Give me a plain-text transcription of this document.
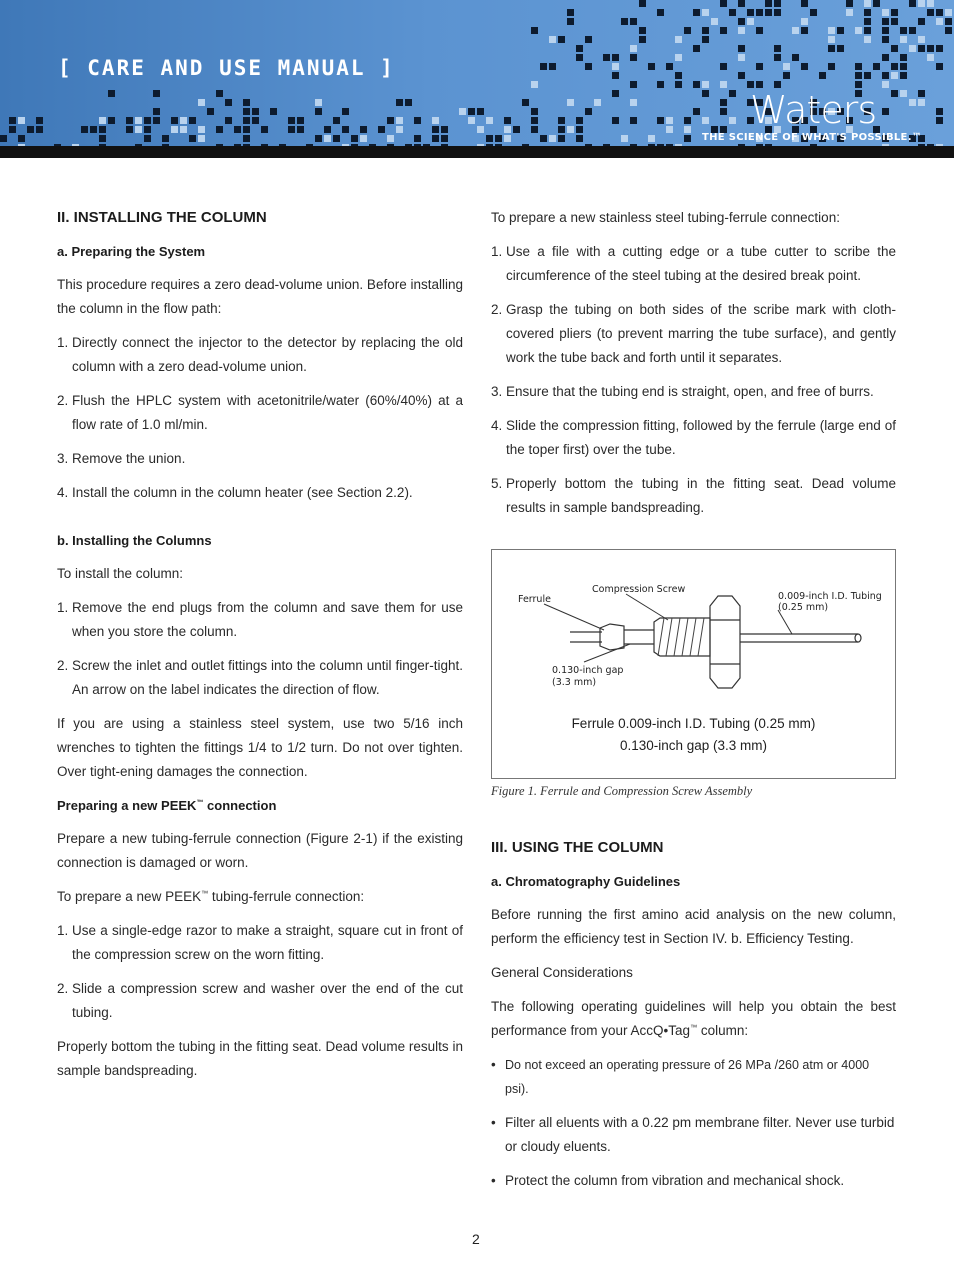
[ CARE AND USE MANUAL ]
Waters
THE SCIENCE OF WHAT'S POSSIBLE.™
II. INSTALLING THE COLUMN
a. Preparing the System

This procedure requires a zero dead-volume union. Before installing the column in the flow path:

1. Directly connect the injector to the detector by replacing the old column with a zero dead-volume union.
2. Flush the HPLC system with acetonitrile/water (60%/40%) at a flow rate of 1.0 ml/min.
3. Remove the union.
4. Install the column in the column heater (see Section 2.2).
b. Installing the Columns

To install the column:

1. Remove the end plugs from the column and save them for use when you store the column.
2. Screw the inlet and outlet fittings into the column until finger-tight. An arrow on the label indicates the direction of flow.

If you are using a stainless steel system, use two 5/16 inch wrenches to tighten the fittings 1/4 to 1/2 turn. Do not over tighten. Over tight-ening damages the connection.

Preparing a new PEEK™ connection

Prepare a new tubing-ferrule connection (Figure 2-1) if the existing connection is damaged or worn.

To prepare a new PEEK™ tubing-ferrule connection:

1. Use a single-edge razor to make a straight, square cut in front of the compression screw on the worn fitting.
2. Slide a compression screw and washer over the end of the cut tubing.

Properly bottom the tubing in the fitting seat. Dead volume results in sample bandspreading.

To prepare a new stainless steel tubing-ferrule connection:

1. Use a file with a cutting edge or a tube cutter to scribe the circumference of the steel tubing at the desired break point.
2. Grasp the tubing on both sides of the scribe mark with cloth-covered pliers (to prevent marring the tube surface), and gently work the tube back and forth until it separates.
3. Ensure that the tubing end is straight, open, and free of burrs.
4. Slide the compression fitting, followed by the ferrule (large end of the toper first) over the tube.
5. Properly bottom the tubing in the fitting seat. Dead volume results in sample bandspreading.
Ferrule
Compression Screw
0.009-inch I.D. Tubing
(0.25 mm)
0.130-inch gap
(3.3 mm)
Ferrule 0.009-inch I.D. Tubing (0.25 mm)
0.130-inch gap (3.3 mm)
Figure 1. Ferrule and Compression Screw Assembly
III. USING THE COLUMN
a. Chromatography Guidelines

Before running the first amino acid analysis on the new column, perform the efficiency test in Section IV. b. Efficiency Testing.

General Considerations

The following operating guidelines will help you obtain the best performance from your AccQ•Tag™ column:

• Do not exceed an operating pressure of 26 MPa /260 atm or 4000 psi).
• Filter all eluents with a 0.22 pm membrane filter. Never use turbid or cloudy eluents.
• Protect the column from vibration and mechanical shock.
2
